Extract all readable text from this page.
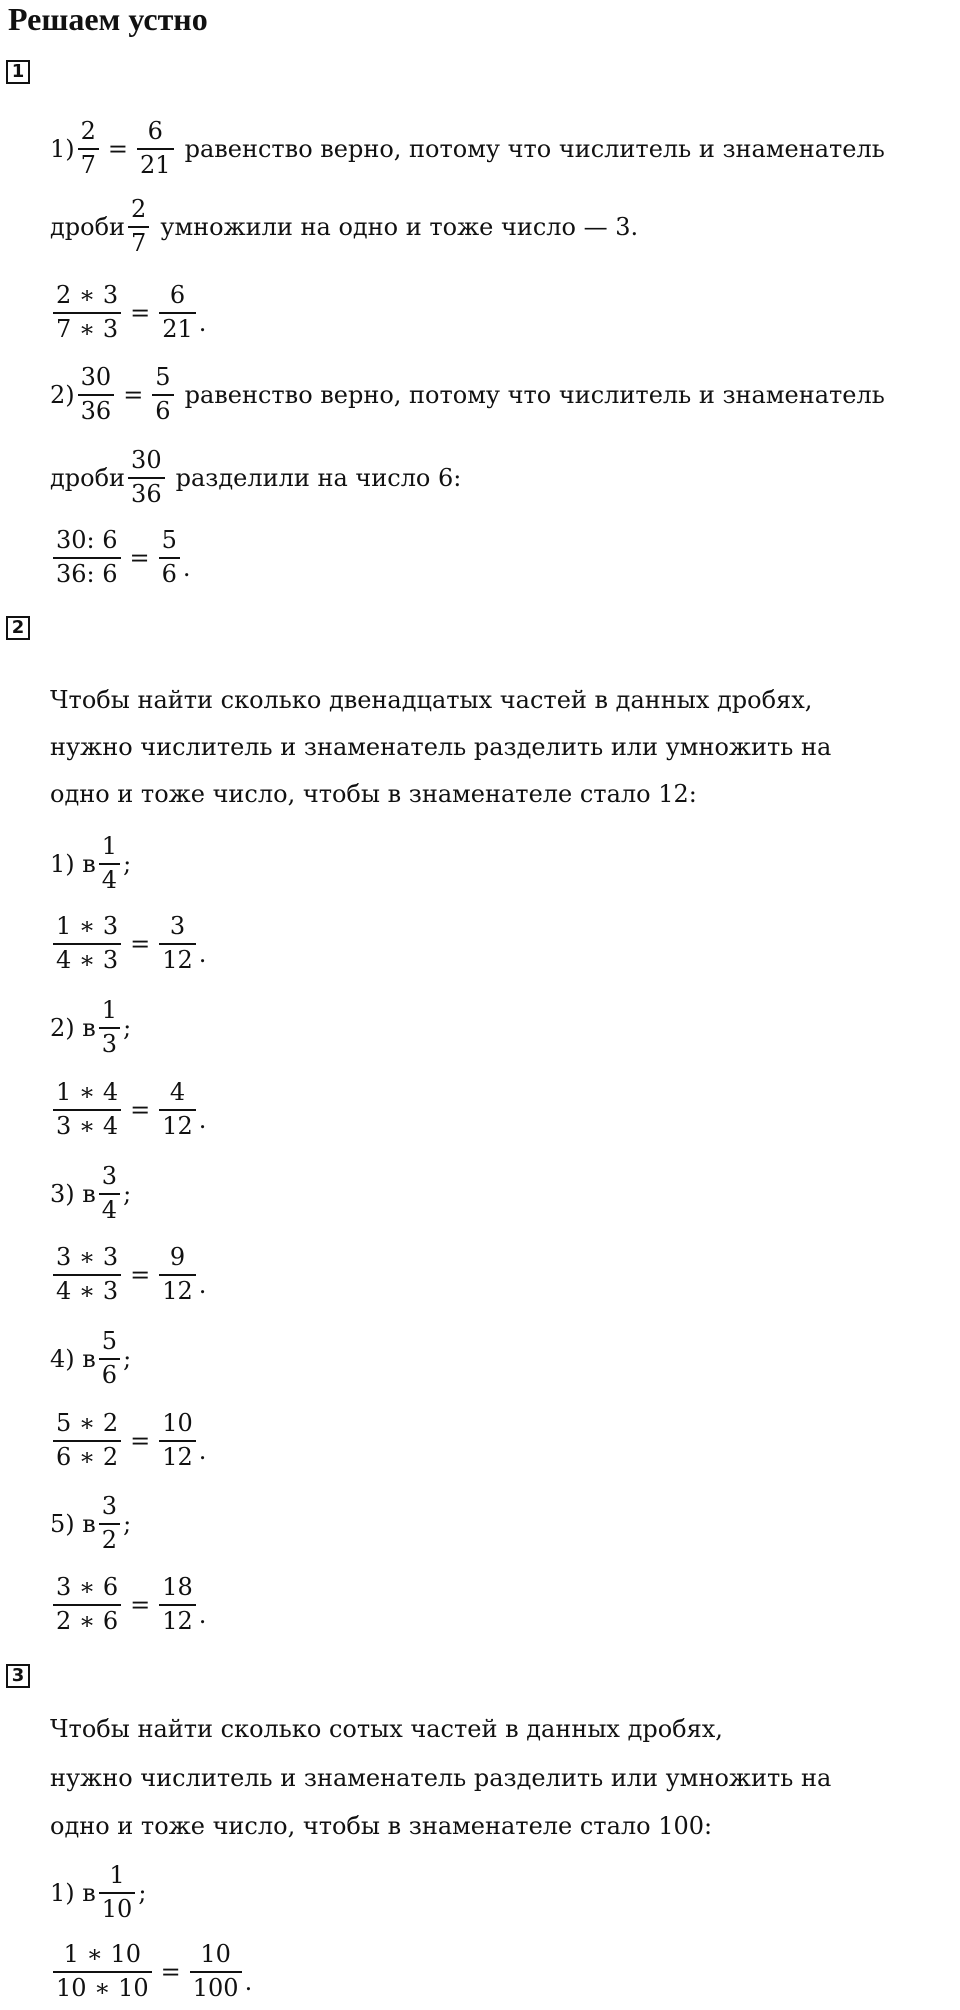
Решаем устно
1
$1) \frac{2}{7} = \frac{6}{21}$ равенство верно, потому что числитель и знаменатель
дроби $\frac{2}{7}$ умножили на одно и тоже число — 3.
$\frac{2 ∗ 3}{7 ∗ 3} = \frac{6}{21}$ .
$2) \frac{30}{36} = \frac{5}{6}$ равенство верно, потому что числитель и знаменатель
дроби $\frac{30}{36}$ разделили на число 6:
$\frac{30: 6}{36: 6} = \frac{5}{6}$ .
2
Чтобы найти сколько двенадцатых частей в данных дробях,
нужно числитель и знаменатель разделить или умножить на
одно и тоже число, чтобы в знаменателе стало 12:
1) в $\frac{1}{4}$ ;
$\frac{1 ∗ 3}{4 ∗ 3} = \frac{3}{12}$ .
2) в $\frac{1}{3}$ ;
$\frac{1 ∗ 4}{3 ∗ 4} = \frac{4}{12}$ .
3) в $\frac{3}{4}$ ;
$\frac{3 ∗ 3}{4 ∗ 3} = \frac{9}{12}$ .
4) в $\frac{5}{6}$ ;
$\frac{5 ∗ 2}{6 ∗ 2} = \frac{10}{12}$ .
5) в $\frac{3}{2}$ ;
$\frac{3 ∗ 6}{2 ∗ 6} = \frac{18}{12}$ .
3
Чтобы найти сколько сотых частей в данных дробях,
нужно числитель и знаменатель разделить или умножить на
одно и тоже число, чтобы в знаменателе стало 100:
1) в $\frac{1}{10}$ ;
$\frac{1 ∗ 10}{10 ∗ 10} = \frac{10}{100}$ .
